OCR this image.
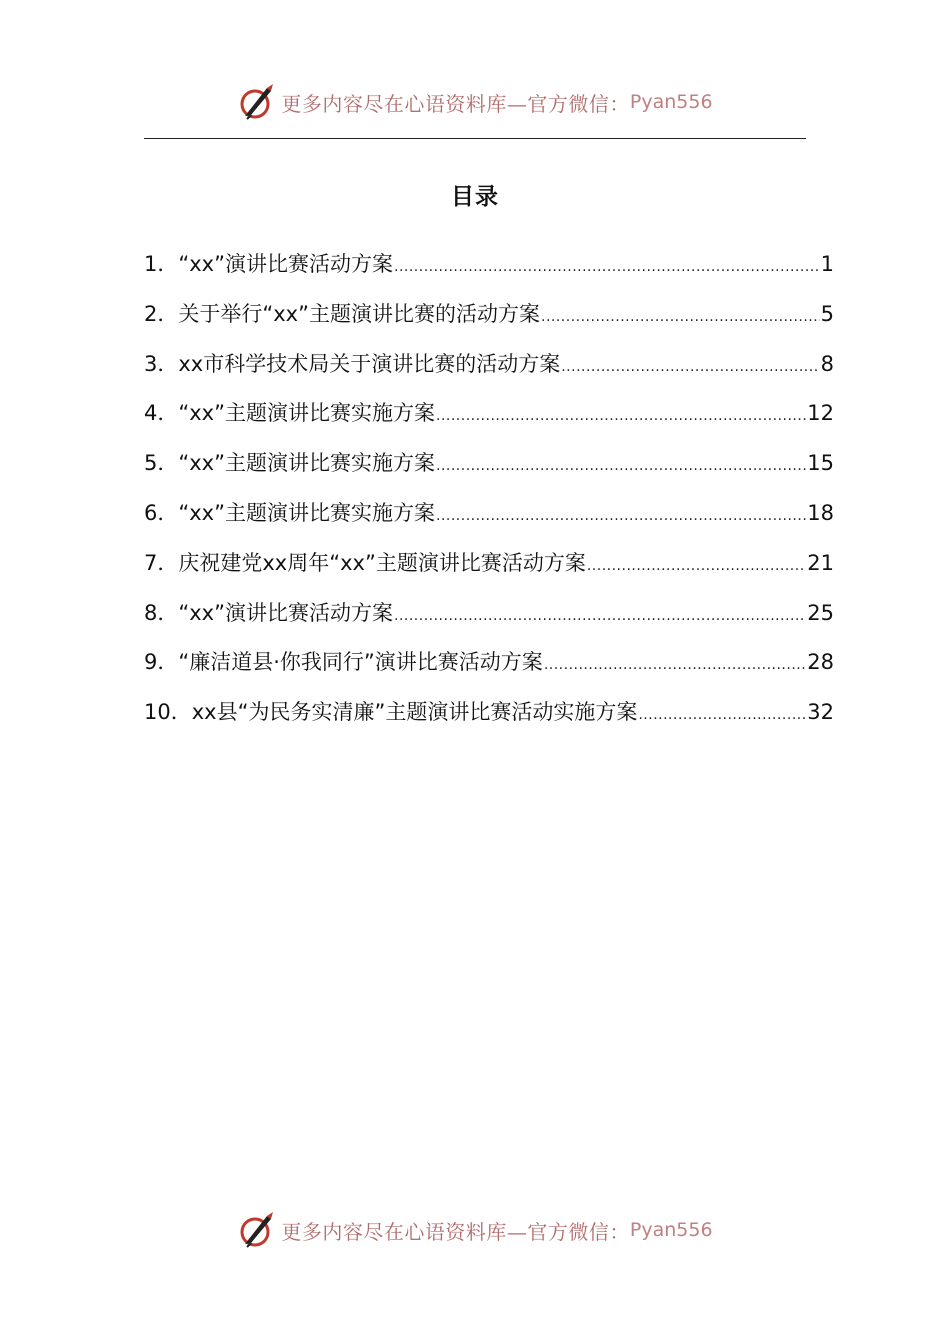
更多内容尽在心语资料库—官方微信： Pyan556
目录
1． “xx”演讲比赛活动方案 .....	1
2． 关于举行“xx”主题演讲比赛的活动方案 .....	5
3． xx市科学技术局关于演讲比赛的活动方案 .....	8
4． “xx”主题演讲比赛实施方案 .....	12
5． “xx”主题演讲比赛实施方案 .....	15
6． “xx”主题演讲比赛实施方案 .....	18
7． 庆祝建党xx周年“xx”主题演讲比赛活动方案 .....	21
8． “xx”演讲比赛活动方案 .....	25
9． “廉洁道县·你我同行”演讲比赛活动方案 .....	28
10． xx县“为民务实清廉”主题演讲比赛活动实施方案 .....	32
更多内容尽在心语资料库—官方微信： Pyan556
